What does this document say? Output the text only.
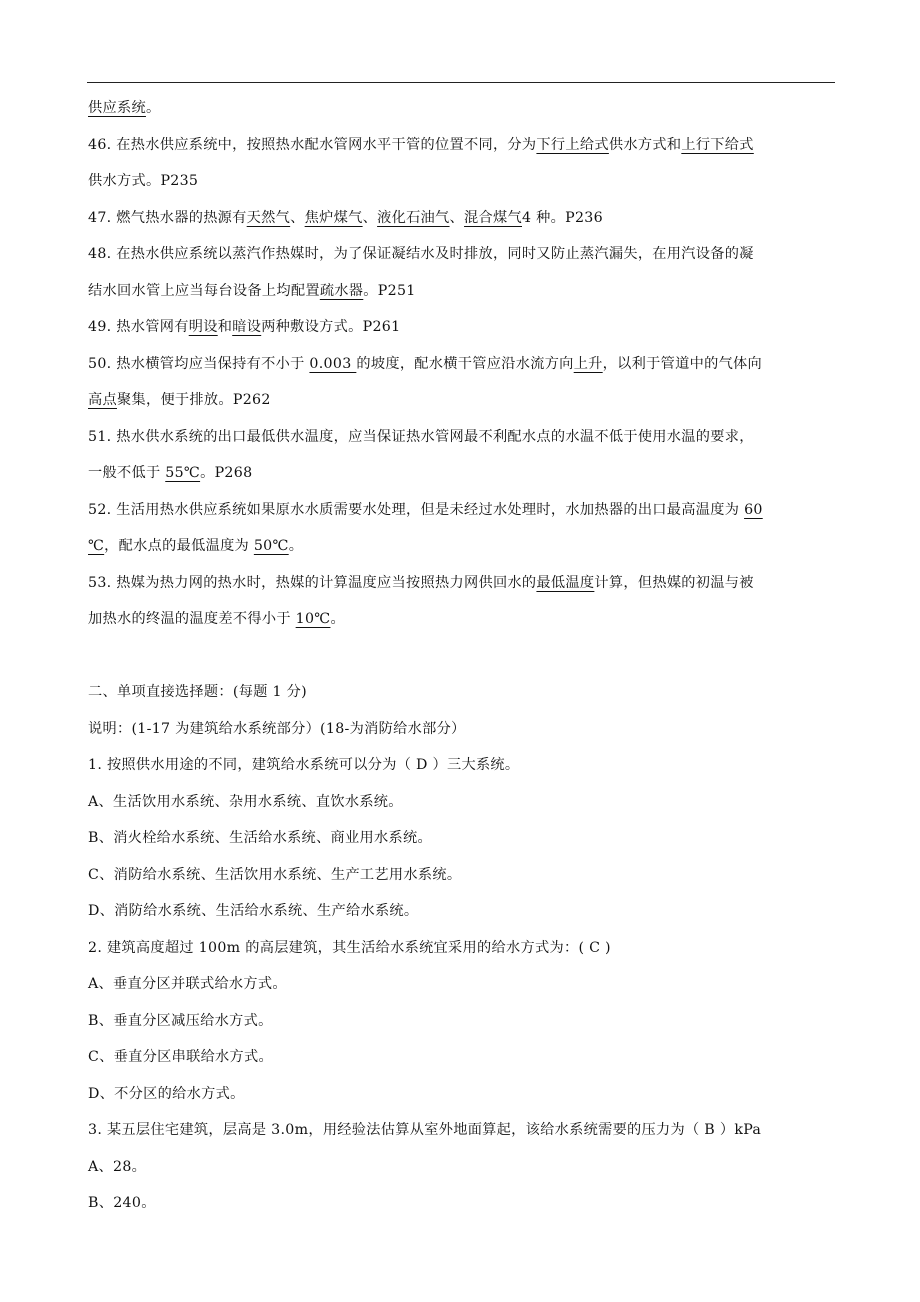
供应系统。
46. 在热水供应系统中，按照热水配水管网水平干管的位置不同，分为下行上给式供水方式和上行下给式
供水方式。P235
47. 燃气热水器的热源有天然气、焦炉煤气、液化石油气、混合煤气4 种。P236
48. 在热水供应系统以蒸汽作热媒时，为了保证凝结水及时排放，同时又防止蒸汽漏失，在用汽设备的凝
结水回水管上应当每台设备上均配置疏水器。P251
49. 热水管网有明设和暗设两种敷设方式。P261
50. 热水横管均应当保持有不小于 0.003 的坡度，配水横干管应沿水流方向上升，以利于管道中的气体向
高点聚集，便于排放。P262
51. 热水供水系统的出口最低供水温度，应当保证热水管网最不利配水点的水温不低于使用水温的要求，
一般不低于 55℃。P268
52. 生活用热水供应系统如果原水水质需要水处理，但是未经过水处理时，水加热器的出口最高温度为 60
℃，配水点的最低温度为 50℃。
53. 热媒为热力网的热水时，热媒的计算温度应当按照热力网供回水的最低温度计算，但热媒的初温与被
加热水的终温的温度差不得小于 10℃。
二、单项直接选择题：(每题 1 分)
说明：(1-17 为建筑给水系统部分）(18-为消防给水部分）
1. 按照供水用途的不同，建筑给水系统可以分为（ D ）三大系统。
A、生活饮用水系统、杂用水系统、直饮水系统。
B、消火栓给水系统、生活给水系统、商业用水系统。
C、消防给水系统、生活饮用水系统、生产工艺用水系统。
D、消防给水系统、生活给水系统、生产给水系统。
2. 建筑高度超过 100m 的高层建筑，其生活给水系统宜采用的给水方式为：( C )
A、垂直分区并联式给水方式。
B、垂直分区减压给水方式。
C、垂直分区串联给水方式。
D、不分区的给水方式。
3. 某五层住宅建筑，层高是 3.0m，用经验法估算从室外地面算起，该给水系统需要的压力为（ B ）kPa
A、28。
B、240。
